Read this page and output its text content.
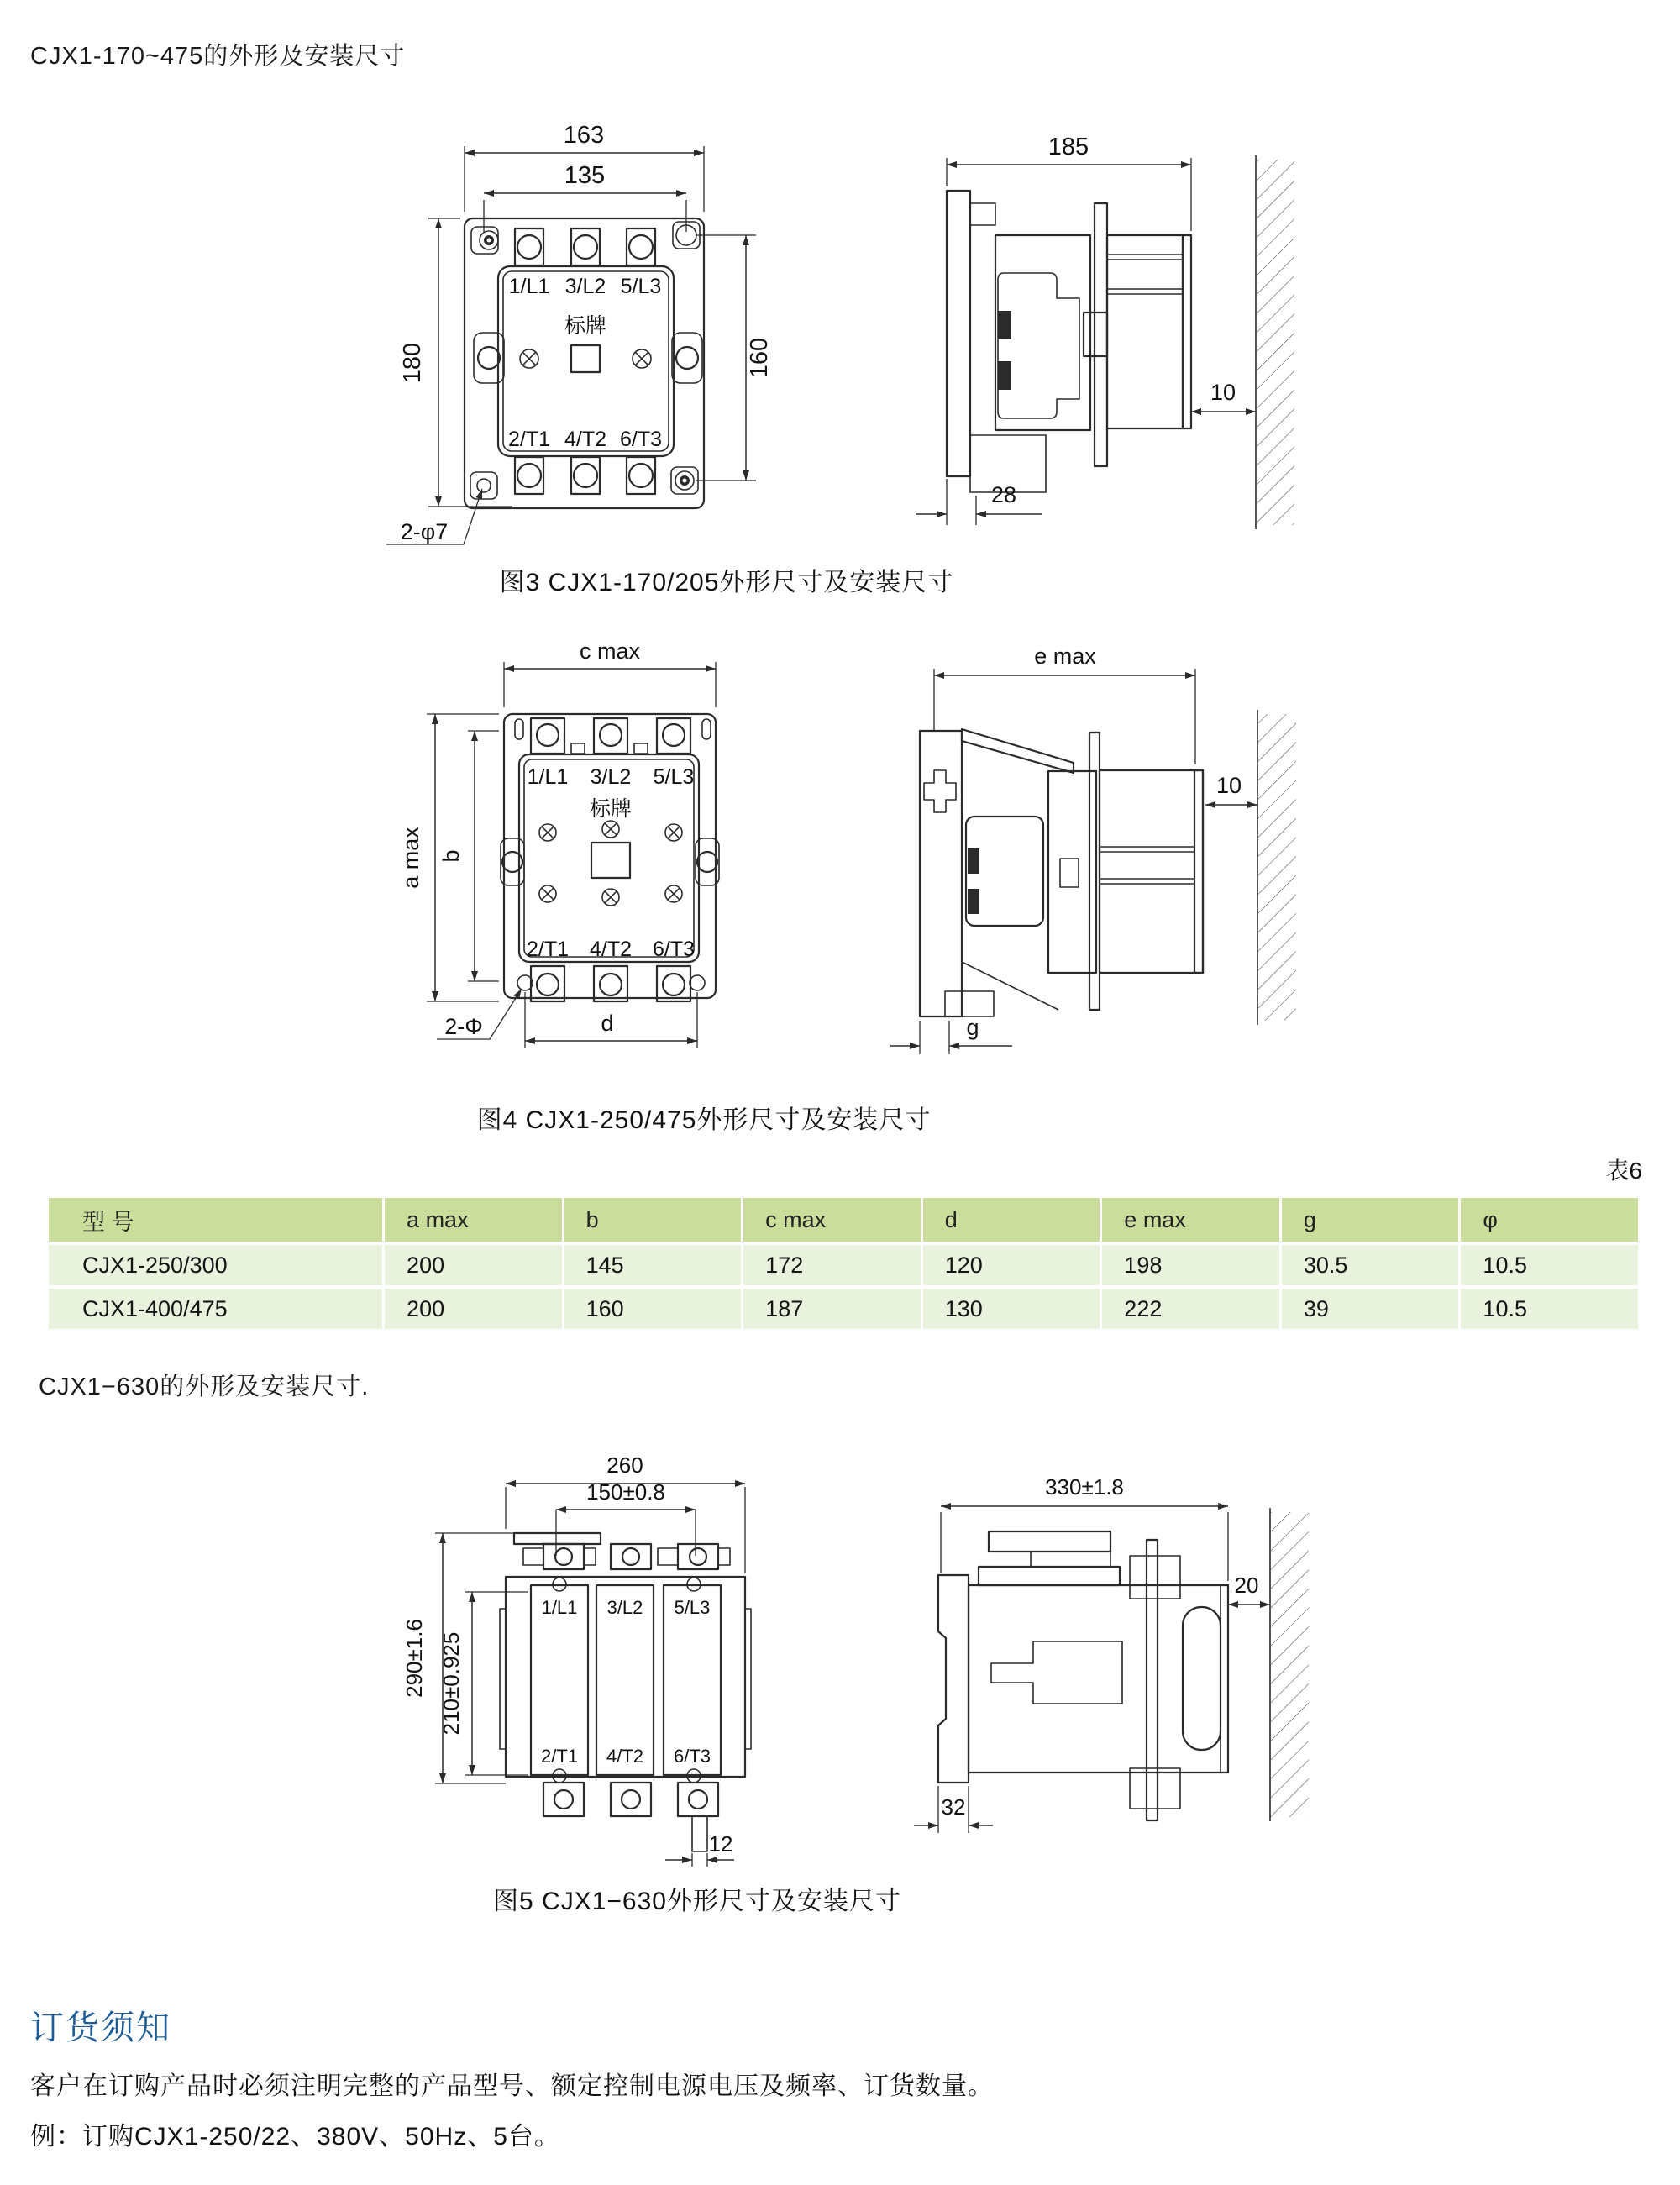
CJX1-170~475的外形及安装尺寸
163
135
180	160
1/L1 3/L2 5/L3
标牌
2/T1 4/T2 6/T3
2-φ7
185
10
28
图3 CJX1-170/205外形尺寸及安装尺寸
c max
a max b
1/L1 3/L2 5/L3
标牌
2/T1 4/T2 6/T3
d
2-Φ
e max
10
g
图4 CJX1-250/475外形尺寸及安装尺寸
表6
型 号	a max	b	c max	d	e max	g	φ
CJX1-250/300	200	145	172	120	198	30.5	10.5
CJX1-400/475	200	160	187	130	222	39	10.5
CJX1−630的外形及安装尺寸.
260
150±0.8
1/L1 3/L2 5/L3
2/T1 4/T2 6/T3
12
290±1.6 210±0.925
330±1.8
20
32
图5 CJX1−630外形尺寸及安装尺寸
订货须知
客户在订购产品时必须注明完整的产品型号、额定控制电源电压及频率、订货数量。
例：订购CJX1-250/22、380V、50Hz、5台。
